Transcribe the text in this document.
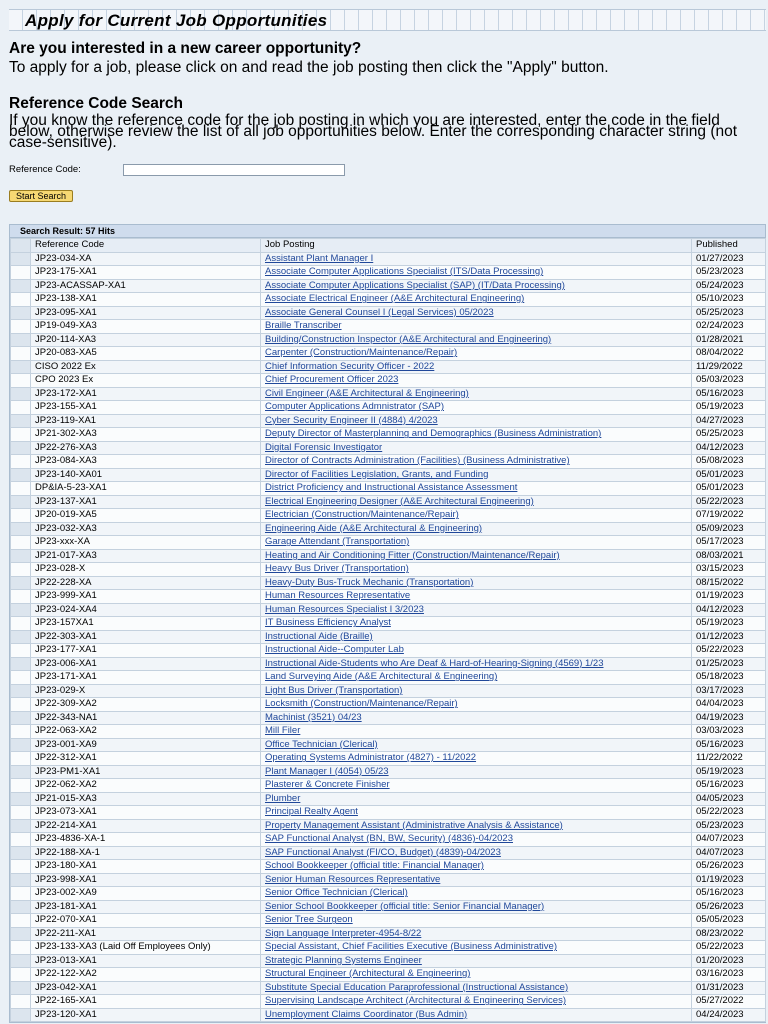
Apply for Current Job Opportunities
Are you interested in a new career opportunity?
To apply for a job, please click on and read the job posting then click the "Apply" button.
Reference Code Search
If you know the reference code for the job posting in which you are interested, enter the code in the field below, otherwise review the list of all job opportunities below. Enter the corresponding character string (not case-sensitive).
Reference Code:
Start Search
Search Result: 57 Hits
	Reference Code	Job Posting	Published
	JP23-034-XA	Assistant Plant Manager I	01/27/2023
	JP23-175-XA1	Associate Computer Applications Specialist (ITS/Data Processing)	05/23/2023
	JP23-ACASSAP-XA1	Associate Computer Applications Specialist (SAP) (IT/Data Processing)	05/24/2023
	JP23-138-XA1	Associate Electrical Engineer (A&E Architectural Engineering)	05/10/2023
	JP23-095-XA1	Associate General Counsel I (Legal Services) 05/2023	05/25/2023
	JP19-049-XA3	Braille Transcriber	02/24/2023
	JP20-114-XA3	Building/Construction Inspector (A&E Architectural and Engineering)	01/28/2021
	JP20-083-XA5	Carpenter (Construction/Maintenance/Repair)	08/04/2022
	CISO 2022 Ex	Chief Information Security Officer - 2022	11/29/2022
	CPO 2023 Ex	Chief Procurement Officer 2023	05/03/2023
	JP23-172-XA1	Civil Engineer (A&E Architectural & Engineering)	05/16/2023
	JP23-155-XA1	Computer Applications Admnistrator (SAP)	05/19/2023
	JP23-119-XA1	Cyber Security Engineer II (4884) 4/2023	04/27/2023
	JP21-302-XA3	Deputy Director of Masterplanning and Demographics (Business Administration)	05/25/2023
	JP22-276-XA3	Digital Forensic Investigator	04/12/2023
	JP23-084-XA3	Director of Contracts Administration (Facilities) (Business Administrative)	05/08/2023
	JP23-140-XA01	Director of Facilities Legislation, Grants, and Funding	05/01/2023
	DP&IA-5-23-XA1	District Proficiency and Instructional Assistance Assessment	05/01/2023
	JP23-137-XA1	Electrical Engineering Designer (A&E Architectural Engineering)	05/22/2023
	JP20-019-XA5	Electrician (Construction/Maintenance/Repair)	07/19/2022
	JP23-032-XA3	Engineering Aide (A&E Architectural & Engineering)	05/09/2023
	JP23-xxx-XA	Garage Attendant (Transportation)	05/17/2023
	JP21-017-XA3	Heating and Air Conditioning Fitter (Construction/Maintenance/Repair)	08/03/2021
	JP23-028-X	Heavy Bus Driver (Transportation)	03/15/2023
	JP22-228-XA	Heavy-Duty Bus-Truck Mechanic (Transportation)	08/15/2022
	JP23-999-XA1	Human Resources Representative	01/19/2023
	JP23-024-XA4	Human Resources Specialist I 3/2023	04/12/2023
	JP23-157XA1	IT Business Efficiency Analyst	05/19/2023
	JP22-303-XA1	Instructional Aide (Braille)	01/12/2023
	JP23-177-XA1	Instructional Aide--Computer Lab	05/22/2023
	JP23-006-XA1	Instructional Aide-Students who Are Deaf & Hard-of-Hearing-Signing (4569) 1/23	01/25/2023
	JP23-171-XA1	Land Surveying Aide (A&E Architectural & Engineering)	05/18/2023
	JP23-029-X	Light Bus Driver (Transportation)	03/17/2023
	JP22-309-XA2	Locksmith (Construction/Maintenance/Repair)	04/04/2023
	JP22-343-NA1	Machinist (3521) 04/23	04/19/2023
	JP22-063-XA2	Mill Filer	03/03/2023
	JP23-001-XA9	Office Technician (Clerical)	05/16/2023
	JP22-312-XA1	Operating Systems Administrator (4827) - 11/2022	11/22/2022
	JP23-PM1-XA1	Plant Manager I (4054) 05/23	05/19/2023
	JP22-062-XA2	Plasterer & Concrete Finisher	05/16/2023
	JP21-015-XA3	Plumber	04/05/2023
	JP23-073-XA1	Principal Realty Agent	05/22/2023
	JP22-214-XA1	Property Management Assistant (Administrative Analysis & Assistance)	05/23/2023
	JP23-4836-XA-1	SAP Functional Analyst (BN, BW, Security) (4836)-04/2023	04/07/2023
	JP22-188-XA-1	SAP Functional Analyst (FI/CO, Budget) (4839)-04/2023	04/07/2023
	JP23-180-XA1	School Bookkeeper (official title: Financial Manager)	05/26/2023
	JP23-998-XA1	Senior Human Resources Representative	01/19/2023
	JP23-002-XA9	Senior Office Technician (Clerical)	05/16/2023
	JP23-181-XA1	Senior School Bookkeeper (official title: Senior Financial Manager)	05/26/2023
	JP22-070-XA1	Senior Tree Surgeon	05/05/2023
	JP22-211-XA1	Sign Language Interpreter-4954-8/22	08/23/2022
	JP23-133-XA3 (Laid Off Employees Only)	Special Assistant, Chief Facilities Executive (Business Administrative)	05/22/2023
	JP23-013-XA1	Strategic Planning Systems Engineer	01/20/2023
	JP22-122-XA2	Structural Engineer (Architectural & Engineering)	03/16/2023
	JP23-042-XA1	Substitute Special Education Paraprofessional (Instructional Assistance)	01/31/2023
	JP22-165-XA1	Supervising Landscape Architect (Architectural & Engineering Services)	05/27/2022
	JP23-120-XA1	Unemployment Claims Coordinator (Bus Admin)	04/24/2023
